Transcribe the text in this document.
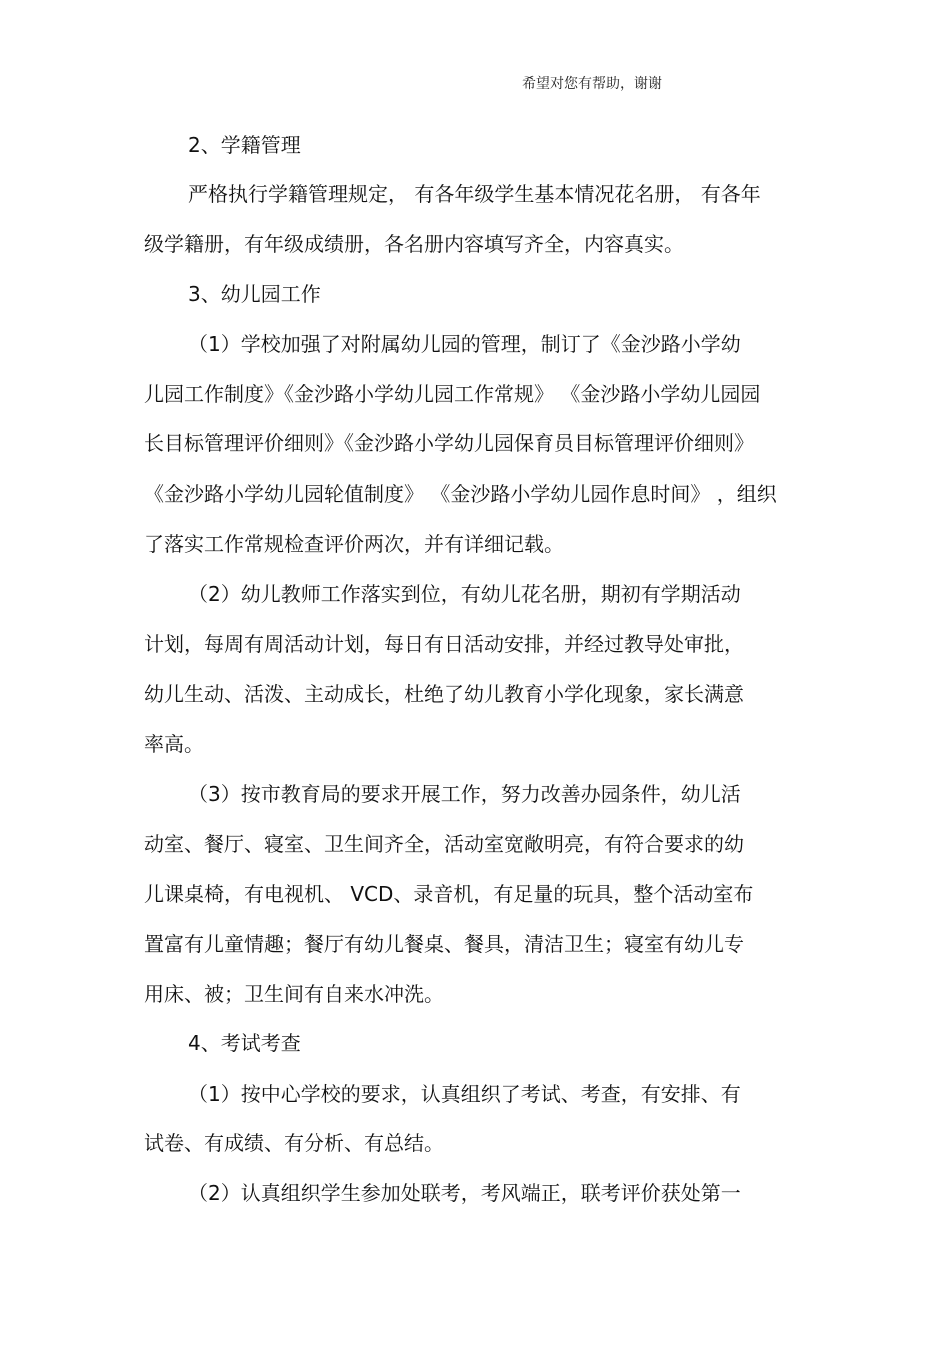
希望对您有帮助，谢谢
2、学籍管理
严格执行学籍管理规定， 有各年级学生基本情况花名册， 有各年
级学籍册，有年级成绩册，各名册内容填写齐全，内容真实。
3、幼儿园工作
（1）学校加强了对附属幼儿园的管理，制订了《金沙路小学幼
儿园工作制度》《金沙路小学幼儿园工作常规》 《金沙路小学幼儿园园
长目标管理评价细则》《金沙路小学幼儿园保育员目标管理评价细则》
《金沙路小学幼儿园轮值制度》 《金沙路小学幼儿园作息时间》 ，组织
了落实工作常规检查评价两次，并有详细记载。
（2）幼儿教师工作落实到位，有幼儿花名册，期初有学期活动
计划，每周有周活动计划，每日有日活动安排，并经过教导处审批，
幼儿生动、活泼、主动成长，杜绝了幼儿教育小学化现象，家长满意
率高。
（3）按市教育局的要求开展工作，努力改善办园条件，幼儿活
动室、餐厅、寝室、卫生间齐全，活动室宽敞明亮，有符合要求的幼
儿课桌椅，有电视机、 VCD、录音机，有足量的玩具，整个活动室布
置富有儿童情趣；餐厅有幼儿餐桌、餐具，清洁卫生；寝室有幼儿专
用床、被；卫生间有自来水冲洗。
4、考试考查
（1）按中心学校的要求，认真组织了考试、考查，有安排、有
试卷、有成绩、有分析、有总结。
（2）认真组织学生参加处联考，考风端正，联考评价获处第一
